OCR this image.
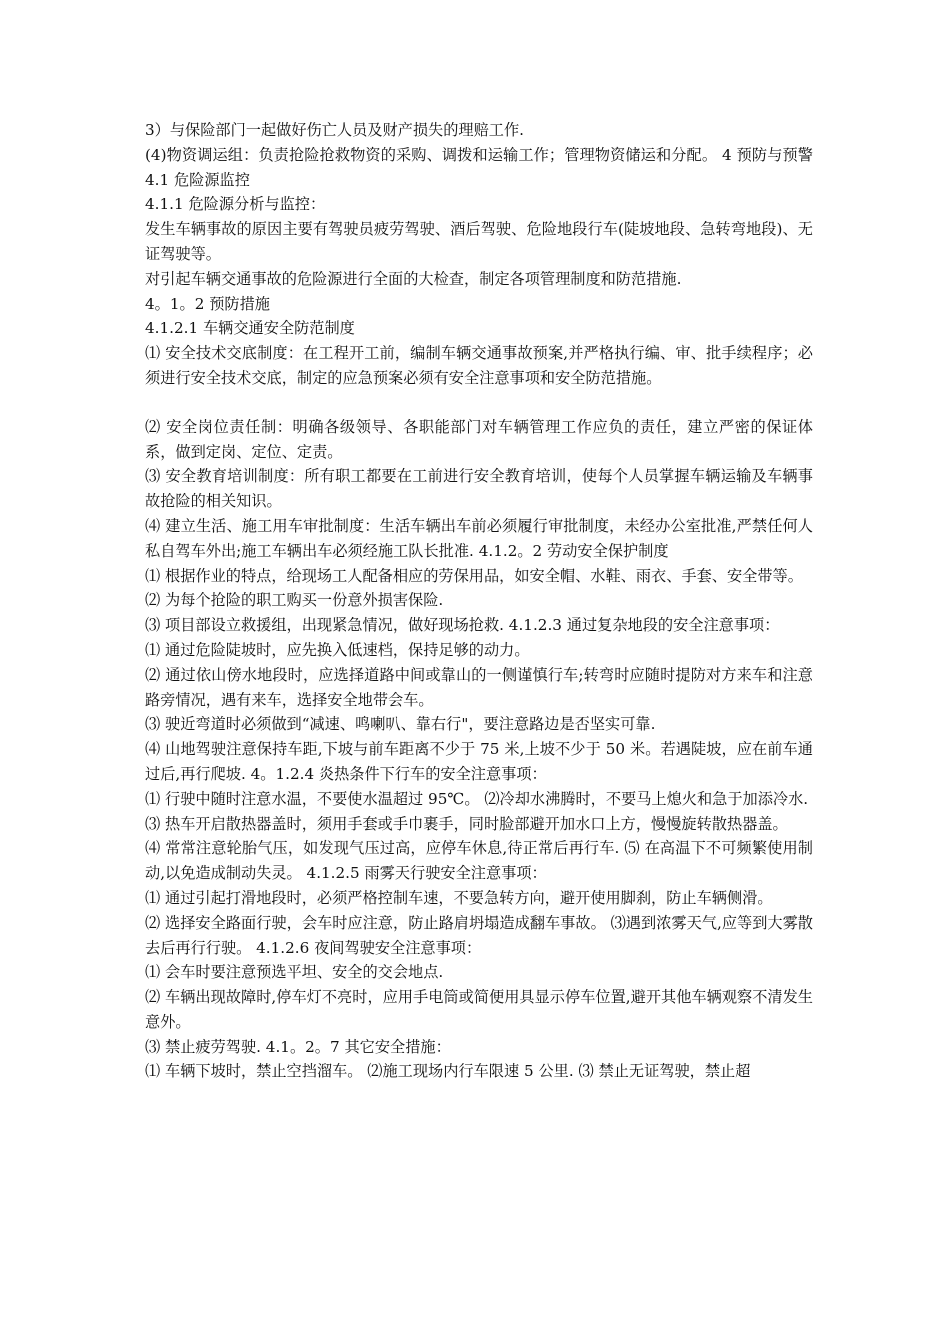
3）与保险部门一起做好伤亡人员及财产损失的理赔工作.

(4)物资调运组：负责抢险抢救物资的采购、调拨和运输工作；管理物资储运和分配。 4 预防与预警 4.1 危险源监控

4.1.1 危险源分析与监控：

发生车辆事故的原因主要有驾驶员疲劳驾驶、酒后驾驶、危险地段行车(陡坡地段、急转弯地段)、无证驾驶等。

对引起车辆交通事故的危险源进行全面的大检查，制定各项管理制度和防范措施.

4。1。2 预防措施

4.1.2.1 车辆交通安全防范制度

⑴ 安全技术交底制度：在工程开工前，编制车辆交通事故预案,并严格执行编、审、批手续程序；必须进行安全技术交底，制定的应急预案必须有安全注意事项和安全防范措施。

⑵ 安全岗位责任制：明确各级领导、各职能部门对车辆管理工作应负的责任，建立严密的保证体系，做到定岗、定位、定责。

⑶ 安全教育培训制度：所有职工都要在工前进行安全教育培训，使每个人员掌握车辆运输及车辆事故抢险的相关知识。

⑷ 建立生活、施工用车审批制度：生活车辆出车前必须履行审批制度，未经办公室批准,严禁任何人私自驾车外出;施工车辆出车必须经施工队长批准. 4.1.2。2 劳动安全保护制度

⑴ 根据作业的特点，给现场工人配备相应的劳保用品，如安全帽、水鞋、雨衣、手套、安全带等。

⑵ 为每个抢险的职工购买一份意外损害保险.

⑶ 项目部设立救援组，出现紧急情况，做好现场抢救. 4.1.2.3 通过复杂地段的安全注意事项：

⑴ 通过危险陡坡时，应先换入低速档，保持足够的动力。

⑵ 通过依山傍水地段时，应选择道路中间或靠山的一侧谨慎行车;转弯时应随时提防对方来车和注意路旁情况，遇有来车，选择安全地带会车。

⑶ 驶近弯道时必须做到“减速、鸣喇叭、靠右行"，要注意路边是否坚实可靠.

⑷ 山地驾驶注意保持车距,下坡与前车距离不少于 75 米,上坡不少于 50 米。若遇陡坡，应在前车通过后,再行爬坡. 4。1.2.4 炎热条件下行车的安全注意事项：

⑴ 行驶中随时注意水温，不要使水温超过 95℃。 ⑵冷却水沸腾时，不要马上熄火和急于加添冷水.

⑶ 热车开启散热器盖时，须用手套或手巾裹手，同时脸部避开加水口上方，慢慢旋转散热器盖。

⑷ 常常注意轮胎气压，如发现气压过高，应停车休息,待正常后再行车. ⑸ 在高温下不可频繁使用制动,以免造成制动失灵。 4.1.2.5 雨雾天行驶安全注意事项：

⑴ 通过引起打滑地段时，必须严格控制车速，不要急转方向，避开使用脚刹，防止车辆侧滑。

⑵ 选择安全路面行驶，会车时应注意，防止路肩坍塌造成翻车事故。 ⑶遇到浓雾天气,应等到大雾散去后再行行驶。 4.1.2.6 夜间驾驶安全注意事项：

⑴ 会车时要注意预选平坦、安全的交会地点.

⑵ 车辆出现故障时,停车灯不亮时，应用手电筒或简便用具显示停车位置,避开其他车辆观察不清发生意外。

⑶ 禁止疲劳驾驶. 4.1。2。7 其它安全措施：

⑴ 车辆下坡时，禁止空挡溜车。 ⑵施工现场内行车限速 5 公里. ⑶ 禁止无证驾驶，禁止超
